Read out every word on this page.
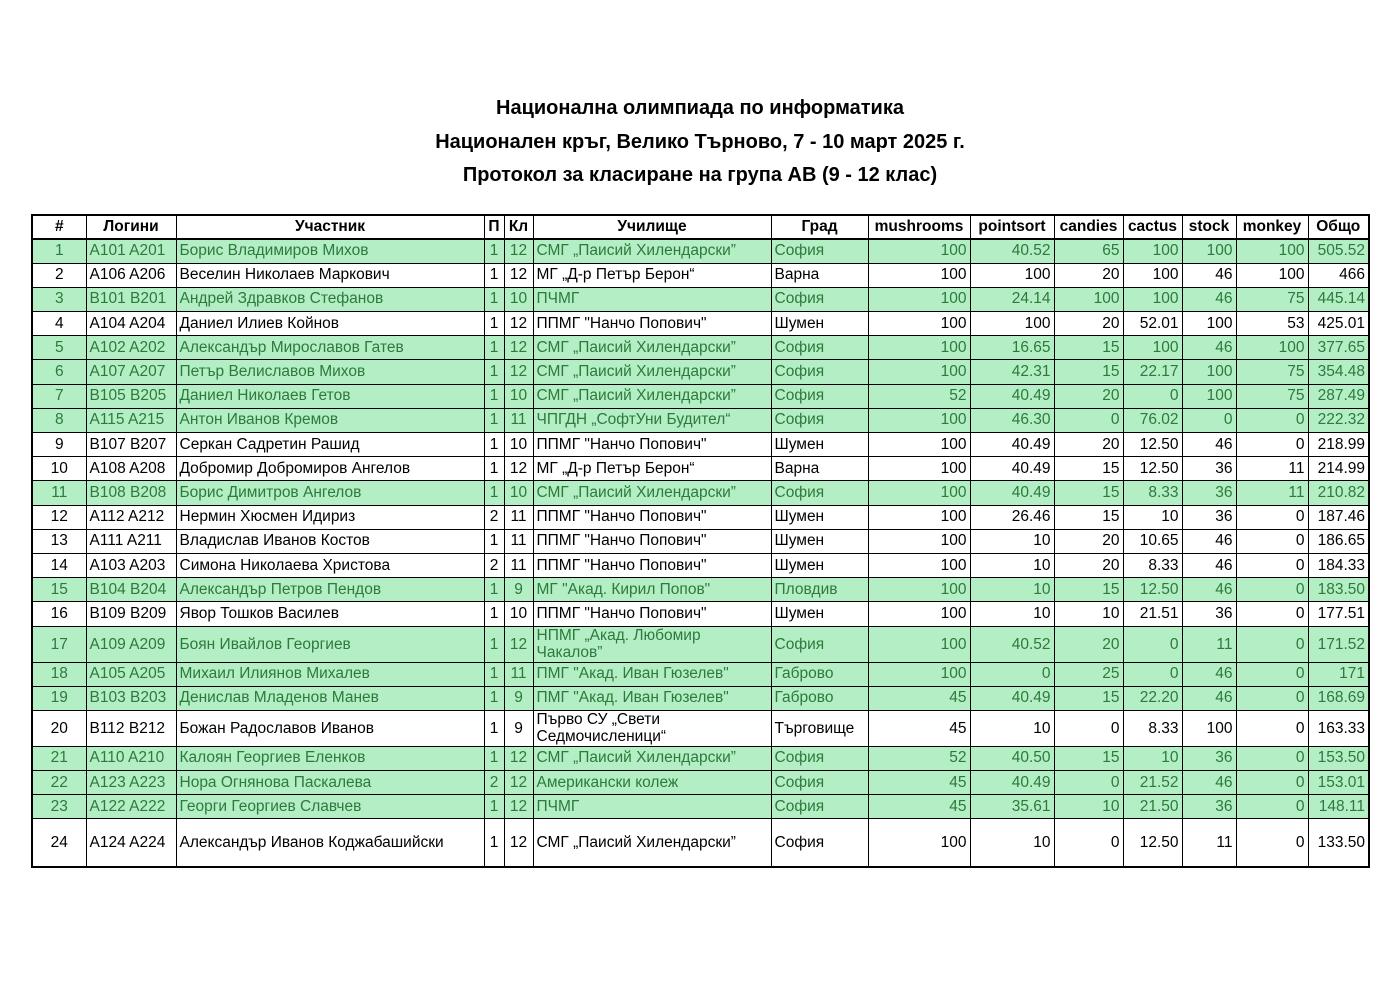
Национална олимпиада по информатика
Национален кръг, Велико Търново, 7 - 10 март 2025 г.
Протокол за класиране на група АВ (9 - 12 клас)
#	Логини	Участник	П	Кл	Училище	Град	mushrooms	pointsort	candies	cactus	stock	monkey	Общо
1	A101 A201	Борис Владимиров Михов	1	12	СМГ „Паисий Хилендарски”	София	100	40.52	65	100	100	100	505.52
2	A106 A206	Веселин Николаев Маркович	1	12	МГ „Д-р Петър Берон“	Варна	100	100	20	100	46	100	466
3	B101 B201	Андрей Здравков Стефанов	1	10	ПЧМГ	София	100	24.14	100	100	46	75	445.14
4	A104 A204	Даниел Илиев Койнов	1	12	ППМГ "Нанчо Попович"	Шумен	100	100	20	52.01	100	53	425.01
5	A102 A202	Александър Мирославов Гатев	1	12	СМГ „Паисий Хилендарски”	София	100	16.65	15	100	46	100	377.65
6	A107 A207	Петър Велиславов Михов	1	12	СМГ „Паисий Хилендарски”	София	100	42.31	15	22.17	100	75	354.48
7	B105 B205	Даниел Николаев Гетов	1	10	СМГ „Паисий Хилендарски”	София	52	40.49	20	0	100	75	287.49
8	A115 A215	Антон Иванов Кремов	1	11	ЧПГДН „СофтУни Будител“	София	100	46.30	0	76.02	0	0	222.32
9	B107 B207	Серкан Садретин Рашид	1	10	ППМГ "Нанчо Попович"	Шумен	100	40.49	20	12.50	46	0	218.99
10	A108 A208	Добромир Добромиров Ангелов	1	12	МГ „Д-р Петър Берон“	Варна	100	40.49	15	12.50	36	11	214.99
11	B108 B208	Борис Димитров Ангелов	1	10	СМГ „Паисий Хилендарски”	София	100	40.49	15	8.33	36	11	210.82
12	A112 A212	Нермин Хюсмен Идириз	2	11	ППМГ "Нанчо Попович"	Шумен	100	26.46	15	10	36	0	187.46
13	A111 A211	Владислав Иванов Костов	1	11	ППМГ "Нанчо Попович"	Шумен	100	10	20	10.65	46	0	186.65
14	A103 A203	Симона Николаева Христова	2	11	ППМГ "Нанчо Попович"	Шумен	100	10	20	8.33	46	0	184.33
15	B104 B204	Александър Петров Пендов	1	9	МГ "Акад. Кирил Попов"	Пловдив	100	10	15	12.50	46	0	183.50
16	B109 B209	Явор Тошков Василев	1	10	ППМГ "Нанчо Попович"	Шумен	100	10	10	21.51	36	0	177.51
17	A109 A209	Боян Ивайлов Георгиев	1	12	НПМГ „Акад. Любомир Чакалов”	София	100	40.52	20	0	11	0	171.52
18	A105 A205	Михаил Илиянов Михалев	1	11	ПМГ "Акад. Иван Гюзелев"	Габрово	100	0	25	0	46	0	171
19	B103 B203	Денислав Младенов Манев	1	9	ПМГ "Акад. Иван Гюзелев"	Габрово	45	40.49	15	22.20	46	0	168.69
20	B112 B212	Божан Радославов Иванов	1	9	Първо СУ „Свети Седмочисленици“	Търговище	45	10	0	8.33	100	0	163.33
21	A110 A210	Калоян Георгиев Еленков	1	12	СМГ „Паисий Хилендарски”	София	52	40.50	15	10	36	0	153.50
22	A123 A223	Нора Огнянова Паскалева	2	12	Американски колеж	София	45	40.49	0	21.52	46	0	153.01
23	A122 A222	Георги Георгиев Славчев	1	12	ПЧМГ	София	45	35.61	10	21.50	36	0	148.11
24	A124 A224	Александър Иванов Коджабашийски	1	12	СМГ „Паисий Хилендарски”	София	100	10	0	12.50	11	0	133.50
